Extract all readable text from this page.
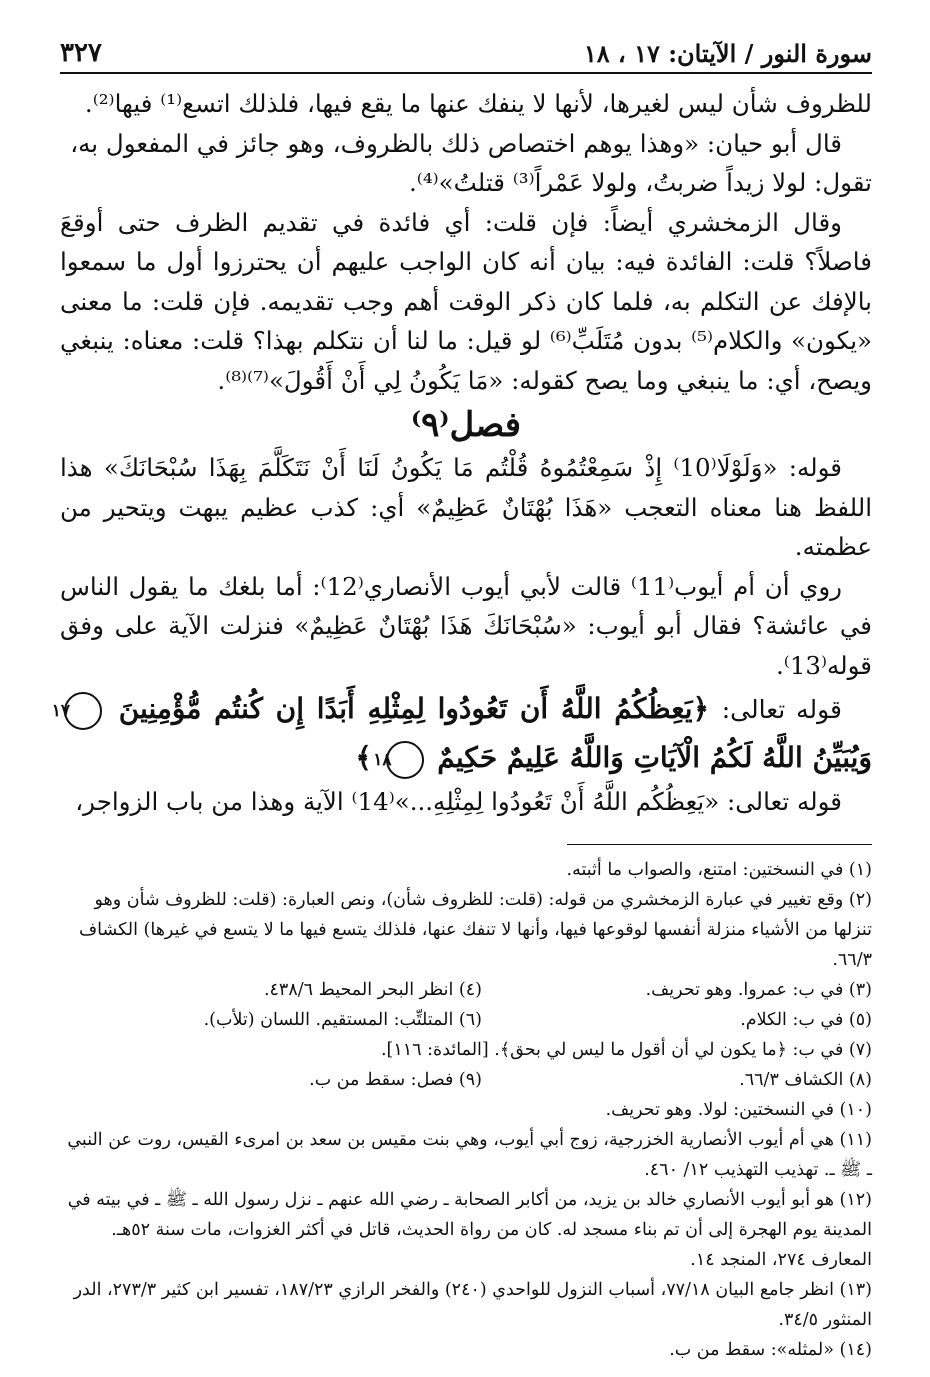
سورة النور / الآيتان: ١٧ ، ١٨
٣٢٧

للظروف شأن ليس لغيرها، لأنها لا ينفك عنها ما يقع فيها، فلذلك اتسع⁽¹⁾ فيها⁽²⁾.

قال أبو حيان: «وهذا يوهم اختصاص ذلك بالظروف، وهو جائز في المفعول به،

تقول: لولا زيداً ضربتُ، ولولا عَمْراً⁽³⁾ قتلتُ»⁽⁴⁾.

وقال الزمخشري أيضاً: فإن قلت: أي فائدة في تقديم الظرف حتى أوقعَ فاصلاً؟ قلت: الفائدة فيه: بيان أنه كان الواجب عليهم أن يحترزوا أول ما سمعوا بالإفك عن التكلم به، فلما كان ذكر الوقت أهم وجب تقديمه. فإن قلت: ما معنى «يكون» والكلام⁽⁵⁾ بدون مُتَلَبِّ⁽⁶⁾ لو قيل: ما لنا أن نتكلم بهذا؟ قلت: معناه: ينبغي ويصح، أي: ما ينبغي وما يصح كقوله: «مَا يَكُونُ لِي أَنْ أَقُولَ»⁽⁷⁾⁽⁸⁾.

فصل⁽٩⁾

قوله: «وَلَوْلَا⁽10⁾ إِذْ سَمِعْتُمُوهُ قُلْتُم مَا يَكُونُ لَنَا أَنْ نَتَكَلَّمَ بِهَذَا سُبْحَانَكَ» هذا اللفظ هنا معناه التعجب «هَذَا بُهْتَانٌ عَظِيمٌ» أي: كذب عظيم يبهت ويتحير من عظمته.

روي أن أم أيوب⁽11⁾ قالت لأبي أيوب الأنصاري⁽12⁾: أما بلغك ما يقول الناس في عائشة؟ فقال أبو أيوب: «سُبْحَانَكَ هَذَا بُهْتَانٌ عَظِيمٌ» فنزلت الآية على وفق قوله⁽13⁾.

قوله تعالى: ﴿يَعِظُكُمُ اللَّهُ أَن تَعُودُوا لِمِثْلِهِ أَبَدًا إِن كُنتُم مُّؤْمِنِينَ ١٧ وَيُبَيِّنُ اللَّهُ لَكُمُ الْآيَاتِ وَاللَّهُ عَلِيمٌ حَكِيمٌ ١٨ ﴾

قوله تعالى: «يَعِظُكُم اللَّهُ أَنْ تَعُودُوا لِمِثْلِهِ...»⁽14⁾ الآية وهذا من باب الزواجر،

(١) في النسختين: امتنع، والصواب ما أثبته.

(٢) وقع تغيير في عبارة الزمخشري من قوله: (قلت: للظروف شأن)، ونص العبارة: (قلت: للظروف شأن وهو تنزلها من الأشياء منزلة أنفسها لوقوعها فيها، وأنها لا تنفك عنها، فلذلك يتسع فيها ما لا يتسع في غيرها) الكشاف ٦٦/٣.

(٣) في ب: عمروا. وهو تحريف.
(٤) انظر البحر المحيط ٤٣٨/٦.
(٥) في ب: الكلام.
(٦) المتلتِّب: المستقيم. اللسان (تلأب).

(٧) في ب: ﴿ما يكون لي أن أقول ما ليس لي بحق﴾. [المائدة: ١١٦].

(٨) الكشاف ٦٦/٣.
(٩) فصل: سقط من ب.

(١٠) في النسختين: لولا. وهو تحريف.

(١١) هي أم أيوب الأنصارية الخزرجية، زوج أبي أيوب، وهي بنت مقيس بن سعد بن امرىء القيس، روت عن النبي ـ ﷺ ـ. تهذيب التهذيب ١٢/ ٤٦٠.

(١٢) هو أبو أيوب الأنصاري خالد بن يزيد، من أكابر الصحابة ـ رضي الله عنهم ـ نزل رسول الله ـ ﷺ ـ في بيته في المدينة يوم الهجرة إلى أن تم بناء مسجد له. كان من رواة الحديث، قاتل في أكثر الغزوات، مات سنة ٥٢هـ. المعارف ٢٧٤، المنجد ١٤.

(١٣) انظر جامع البيان ٧٧/١٨، أسباب النزول للواحدي (٢٤٠) والفخر الرازي ١٨٧/٢٣، تفسير ابن كثير ٢٧٣/٣، الدر المنثور ٣٤/٥.

(١٤) «لمثله»: سقط من ب.
